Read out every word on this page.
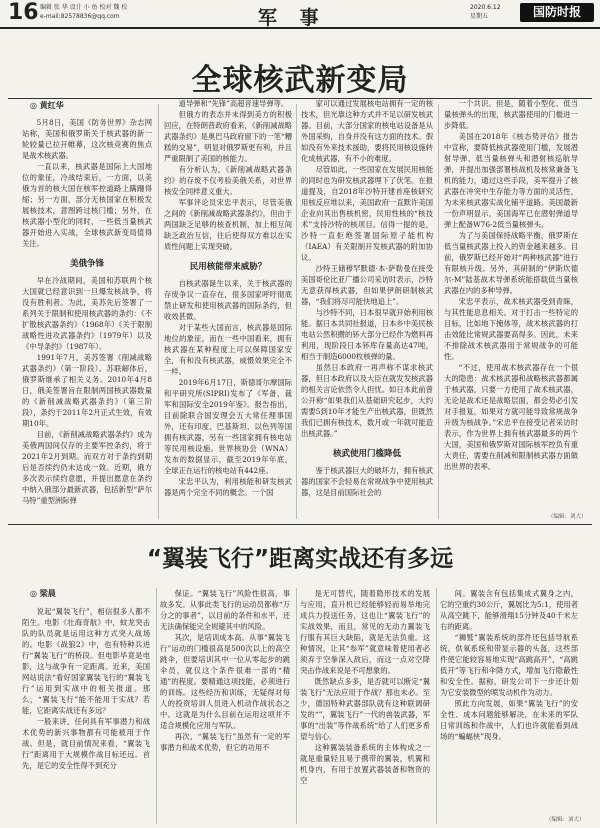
16 编辑 张 华 设计 小 鱼 校对 魏 校
e-mail:82578836@qq.com	军 事	2020.6.12
星期五	国防时报
全球核武新变局
◎ 黄红华

5月8日，美国《防务世界》杂志网站称，美国和俄罗斯关于核武器的新一轮较量已拉开帷幕，这次核竞赛的焦点是战术核武器。

一直以来，核武器是国际上大国地位的象征，冷战结束后，一方面，以美俄为首的核大国在核军控道路上蹒跚得缩；另一方面，部分无核国家在积极发展核技术，意图跨过核门槛；另外，在核武器小型化的同时，一些低当量核武器开始进入实战，全球核武新变局值得关注。

美俄争锋

早在冷战期间，美国和苏联两个核大国就已经意识到一旦爆发核战争，将没有胜利者。为此，美苏先后签署了一系列关于限制和使用核武器的条约：《不扩散核武器条约》（1968年）《关于限制战略性进攻武器条约》（1979年）以及《中导条约》（1987年）。

1991年7月，美苏签署《削减战略武器条约》（第一阶段）。苏联解体后，俄罗斯继承了相关义务。2010年4月8日，俄美签署旨在限制两国核武器数量的《新削减战略武器条约》（第三阶段），条约于2011年2月正式生效，有效期10年。

目前，《新削减战略武器条约》成为美俄两国间仅存的主要军控条约，将于2021年2月到期。而双方对于条约到期后是否续约仍未达成一致。近期，俄方多次表示续约意愿，并提出愿意在条约中纳入俄部分最新武器，包括新型“萨尔马特”重型洲际弹

道导弹和“先锋”高超音速导弹等。

但俄方的表态并未得到美方的积极回应，在特朗普政府看来，《新削减战略武器条约》是奥巴马政府留下的一笔“糟糕的交易”，明显对俄罗斯更有利，并且严重限制了美国的核能力。

有分析认为，《新削减战略武器条约》的存废不仅考验美俄关系，对世界核安全同样意义重大。

军事评论员宋忠平表示，尽管美俄之间的《新削减战略武器条约》，但由于两国缺乏足够的核查机制，加上相互间缺乏政治互信，往后使得双方难以在实质性问题上实现突破。

民用核能带来威胁？

自核武器诞生以来，关于核武器的存废争议一直存在，很多国家呼吁彻底禁止研发和使用核武器的国际条约，但收效甚微。

对于某些大国而言，核武器是国际地位的象征，而在一些中国看来，拥有核武器在某种程度上可以保障国家安全，有和没有核武器，威慑效果完全不一样。

2019年6月17日，斯德哥尔摩国际和平研究所(SIPRI)发布了《军备、裁军和国际安全2019年鉴》。报告指出，目前除联合国安理会五大常任理事国外，还有印度、巴基斯坦、以色列等国拥有核武器，另有一些国家拥有核电站等民用核设施。世界核协会（WNA）发布的数据显示，截至2019年年底，全球正在运行的核电站有442座。

宋忠平认为，利用核能和研发核武器是两个完全不同的概念。一个国

家可以通过发展核电站拥有一定的核技术，但光靠这种方式并不足以研发核武器。目前，大部分国家的核电站设备是从外国采购，自身并没有这方面的技术。假如没有外来技术援助，要将民用核设施转化成核武器，有不小的难度。

尽管如此，一些国家在发展民用核能的同时也为研发核武器埋下了伏笔。在报道提及，自2018年沙特开建首座核研究用核反应堆以来，美国政府一直默许美国企业向其出售核机密，民用性核的“核技术”支持沙特的核项目。信得一提的是，沙特一直拒绝签署国际原子能机构（IAEA）有关限制开发核武器的附加协议。

沙特王储穆罕默德·本·萨勒曼在接受美国哥伦比亚广播公司采访时表示，沙特无意获得核武器，但如果伊朗研制核武器，“我们将尽可能快地追上”。

与沙特不同，日本很早就开始利用核能。据日本共同社报道，日本乡中美民核电站公然积攒的钚大部分已经作为燃料再利用，现阶段日本钚库存量高达47吨，相当于制造6000枚核弹的量。

虽然日本政府一再声称不谋求核武器，但日本政府以及大臣在就发发核武器的相关言论依然令人担忧。如日本此前曾公开称“如果我们从基础研究起步，大约需要5到10年才能生产出核武器，但既然我们已拥有核技术，数月或一年就可能造出核武器。”

核武使用门槛降低

鉴于核武器巨大的破坏力，拥有核武器的国家不会轻易在常规战争中使用核武器，这是目前国际社会的

一个共识。但是，随着小型化、低当量核弹头的出现，核武器使用的门槛进一步降低。

美国在2018年《核态势评估》报告中宣称，要降低核武器使用门槛，发展潜射导弹、低当量核弹头和潜射核巡航导弹，并提出加强部署核战机及核常兼备飞机的能力，通过这些手段，美军提升了核武器在冲突中生存能力等方面的灵活性，为未来核武器实战化铺平道路。美国最新一份声明显示，美国海军已在潜射弹道导弹上配备W76-2低当量核弹头。

为了与美国保持战略平衡，俄罗斯在低当量核武器上投入的资金越来越多。目前，俄罗斯已经开始对“两种核武器”进行有限核升级。另外，其研制的“伊斯坎德尔-M”陆基战术导弹系统能搭载低当量核武器在内的多种导弹。

宋忠平表示，战术核武器受到青睐，与其性能息息相关。对于打击一些特定的目标，比如地下掩体等，战术核武器的打击效能比常规武器要高得多。因此，未来不排除战术核武器用于常规战争的可能性。

“不过，使用战术核武器存在一个很大的隐患：战术核武器和战略核武器都属于核武器，只要一方使用了战术核武器，无论是战术还是战略层面，都会势必引发对手报复，如果对方就可能导致常规战争升级为核战争。”宋忠平在接受记者采访时表示，作为世界上拥有核武器最多的两个大国，美国和俄罗斯对国际核军控负有重大责任，需要在削减和限制核武器方面做出世界的表率。

（编辑：刘大）
“翼装飞行”距离实战还有多远
◎ 梁晨

说起“翼装飞行”，相信很多人都不陌生。电影《壮海奇航》中，蚊龙突击队的队员就是运用这种方式突入战场的。电影《战狼2》中，也有特种兵进行“翼装飞行”的桥段。但电影毕竟是电影，这与战争有一定距离。近来，美国网站说法“看好国家翼装飞行的“翼装飞行”运用到实战中的相关报道。那么，“翼装飞行”能不能用于实战？若能，它距离实战还有多远？

一般来讲，任何具有军事潜力和战术优势的新兴事物都有可能被用于作战。但是，就目前情况来看，“翼装飞行”距离用于大规模作战目标还远。首先，是它的安全性得不到充分

保证。“翼装飞行”风险性很高，事故多发。从事此类飞行的运动员都称“万分之的事者”，以目前的条件和水平，还无法确保能完全规避其中的风险。

其次，是培训成本高。从事“翼装飞行”运动的门槛很高是500次以上的高空跳伞，但要培训其中一位从零起步的跳伞员，就仅这个条件很难一部的“精通”的程度。要精通这项技能，必须进行的训练。这些经历和训练，无疑得对每人的投资培训人员进入机动作战状态之中。这就是为什么目前在运用这项并不适合规模化应用与军队。

再次，“翼装飞行”虽然有一定的军事潜力和战术优势，但它的功用不

是无可替代，随着隐形技术的发展与应用，直升机已经能够轻而易举地完成兵力投送任务，这也让“翼装飞行”的实战效果，而且，常见的无动力翼装飞行服有其巨大缺陷，就是无法负重。这种情况，让其“参军”就意味着使用者必须弃于空拳深入敌后，而这一点对空降突击作战来说是不可想象的。

既然缺点多多，是否就可以断定“翼装飞行”无法应用于作战？那也未必。至少，德国特种武器部队就有这种联调研发的“”，翼装飞行”一代的兽装武器，军事的“出装”等作战系统“给了人们更多希望与信心。

这种翼装装备系统的主体构成之一就是重量轻且易于携带的翼装，机翼和机身内，有用于放置武器装备和物资的空

间。翼装含有包括集成式翼身之内，它的空重约30公斤，翼展比为5:1，使用者从高空跳下，能够滑翔15分钟及40千米左右的距离。

“狮鹫”翼装系统的部件还包括导航系统，供氧系统和带显示器的头盔，这些部件使它能较容易地实现“高跳高开”、“高跳低开”等飞行和伞降方式，增加飞行隐蔽性和安全性。据称，研发公司下一步还计划为它安装微型的喷发动机作为动力。

照此方向发展，如果“翼装飞行”的安全性、成本问题能够解决，在未来的军队日常训练和作战中，人们也许就能看到战场的“蝙蝠侠”现身。

（编辑：刘大）
